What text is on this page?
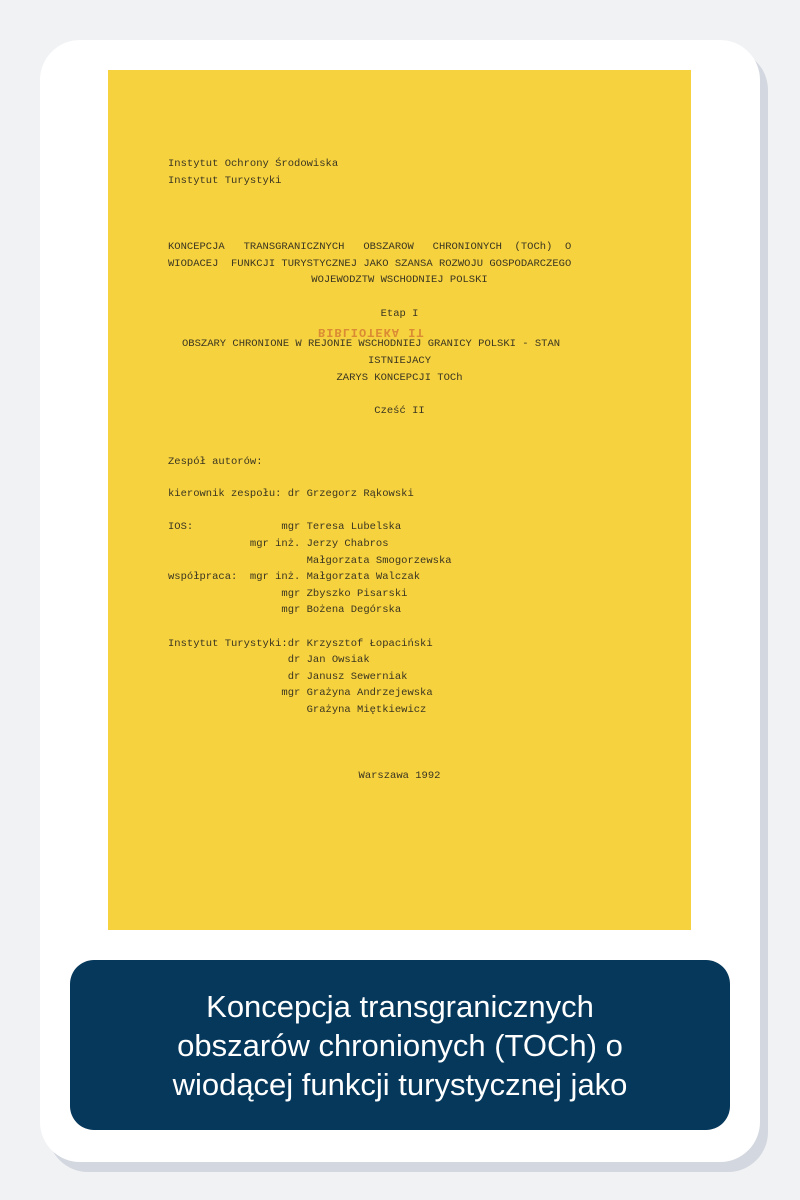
Instytut Ochrony Środowiska
Instytut Turystyki
KONCEPCJA   TRANSGRANICZNYCH   OBSZAROW   CHRONIONYCH  (TOCh)  O
WIODACEJ  FUNKCJI TURYSTYCZNEJ JAKO SZANSA ROZWOJU GOSPODARCZEGO
WOJEWODZTW WSCHODNIEJ POLSKI
Etap I
BIBLIOTEKA IT
OBSZARY CHRONIONE W REJONIE WSCHODNIEJ GRANICY POLSKI - STAN
ISTNIEJACY
ZARYS KONCEPCJI TOCh
Cześć II
Zespół autorów:
kierownik zespołu: dr Grzegorz Rąkowski
IOS:              mgr Teresa Lubelska
mgr inż. Jerzy Chabros
Małgorzata Smogorzewska
współpraca:  mgr inż. Małgorzata Walczak
mgr Zbyszko Pisarski
mgr Bożena Degórska
Instytut Turystyki:dr Krzysztof Łopaciński
dr Jan Owsiak
dr Janusz Sewerniak
mgr Grażyna Andrzejewska
Grażyna Miętkiewicz
Warszawa 1992
Koncepcja transgranicznych
obszarów chronionych (TOCh) o
wiodącej funkcji turystycznej jako
